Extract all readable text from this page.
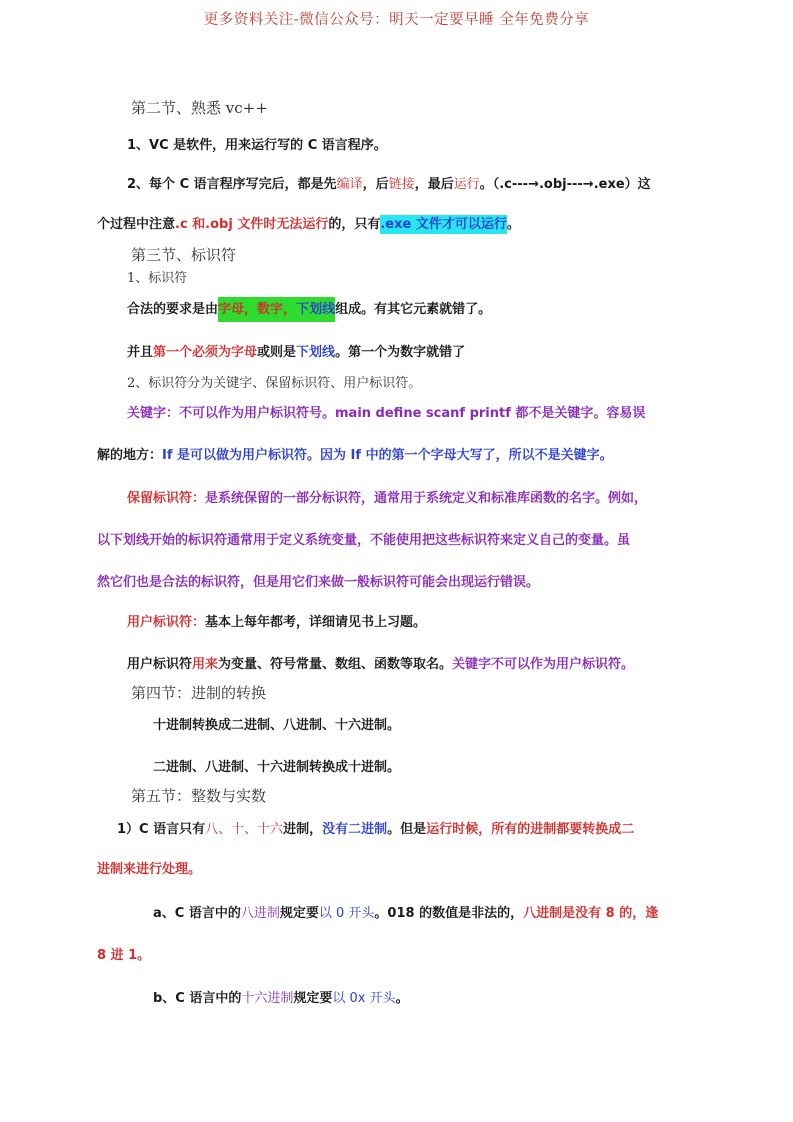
更多资料关注-微信公众号：明天一定要早睡 全年免费分享
第二节、熟悉 vc++
1、VC 是软件，用来运行写的 C 语言程序。
2、每个 C 语言程序写完后，都是先编译，后链接，最后运行。（.c---→.obj---→.exe）这
个过程中注意.c 和.obj 文件时无法运行的，只有.exe 文件才可以运行。
第三节、标识符
1、标识符
合法的要求是由字母，数字，下划线组成。有其它元素就错了。
并且第一个必须为字母或则是下划线。第一个为数字就错了
2、标识符分为关键字、保留标识符、用户标识符。
关键字：不可以作为用户标识符号。main define scanf printf 都不是关键字。容易误
解的地方：If 是可以做为用户标识符。因为 If 中的第一个字母大写了，所以不是关键字。
保留标识符：是系统保留的一部分标识符，通常用于系统定义和标准库函数的名字。例如，
以下划线开始的标识符通常用于定义系统变量，不能使用把这些标识符来定义自己的变量。虽
然它们也是合法的标识符，但是用它们来做一般标识符可能会出现运行错误。
用户标识符：基本上每年都考，详细请见书上习题。
用户标识符用来为变量、符号常量、数组、函数等取名。关键字不可以作为用户标识符。
第四节：进制的转换
十进制转换成二进制、八进制、十六进制。
二进制、八进制、十六进制转换成十进制。
第五节：整数与实数
1）C 语言只有八、十、十六进制，没有二进制。但是运行时候，所有的进制都要转换成二
进制来进行处理。
a、C 语言中的八进制规定要以 0 开头。018 的数值是非法的，八进制是没有 8 的，逢
8 进 1。
b、C 语言中的十六进制规定要以 0x 开头。
